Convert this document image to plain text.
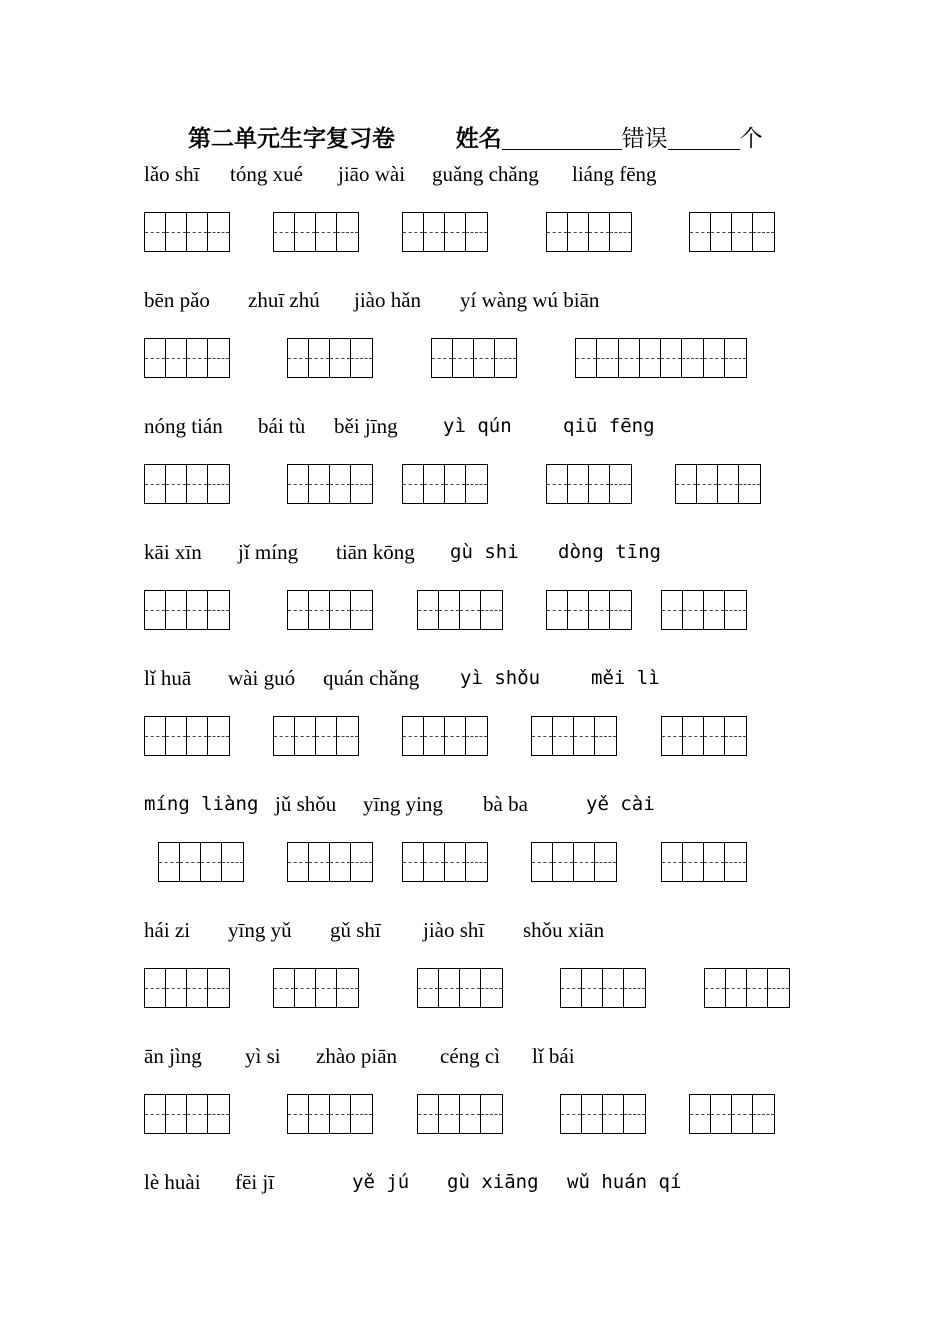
第二单元生字复习卷	姓名	错误	个
lǎo shī tóng xué jiāo wài guǎng chǎng liáng fēng
bēn pǎo zhuī zhú jiào hǎn yí wàng wú biān
nóng tián bái tù běi jīng yì qún	qiū fēng
kāi xīn jǐ míng tiān kōng gù shi dòng tīng
lǐ huā wài guó quán chǎng yì shǒu	měi lì
míng liàng jǔ shǒu yīng ying bà ba	yě cài
hái zi yīng yǔ gǔ shī jiào shī shǒu xiān
ān jìng yì si zhào piān céng cì lǐ bái
lè huài fēi jī	yě jú gù xiāng wǔ huán qí
